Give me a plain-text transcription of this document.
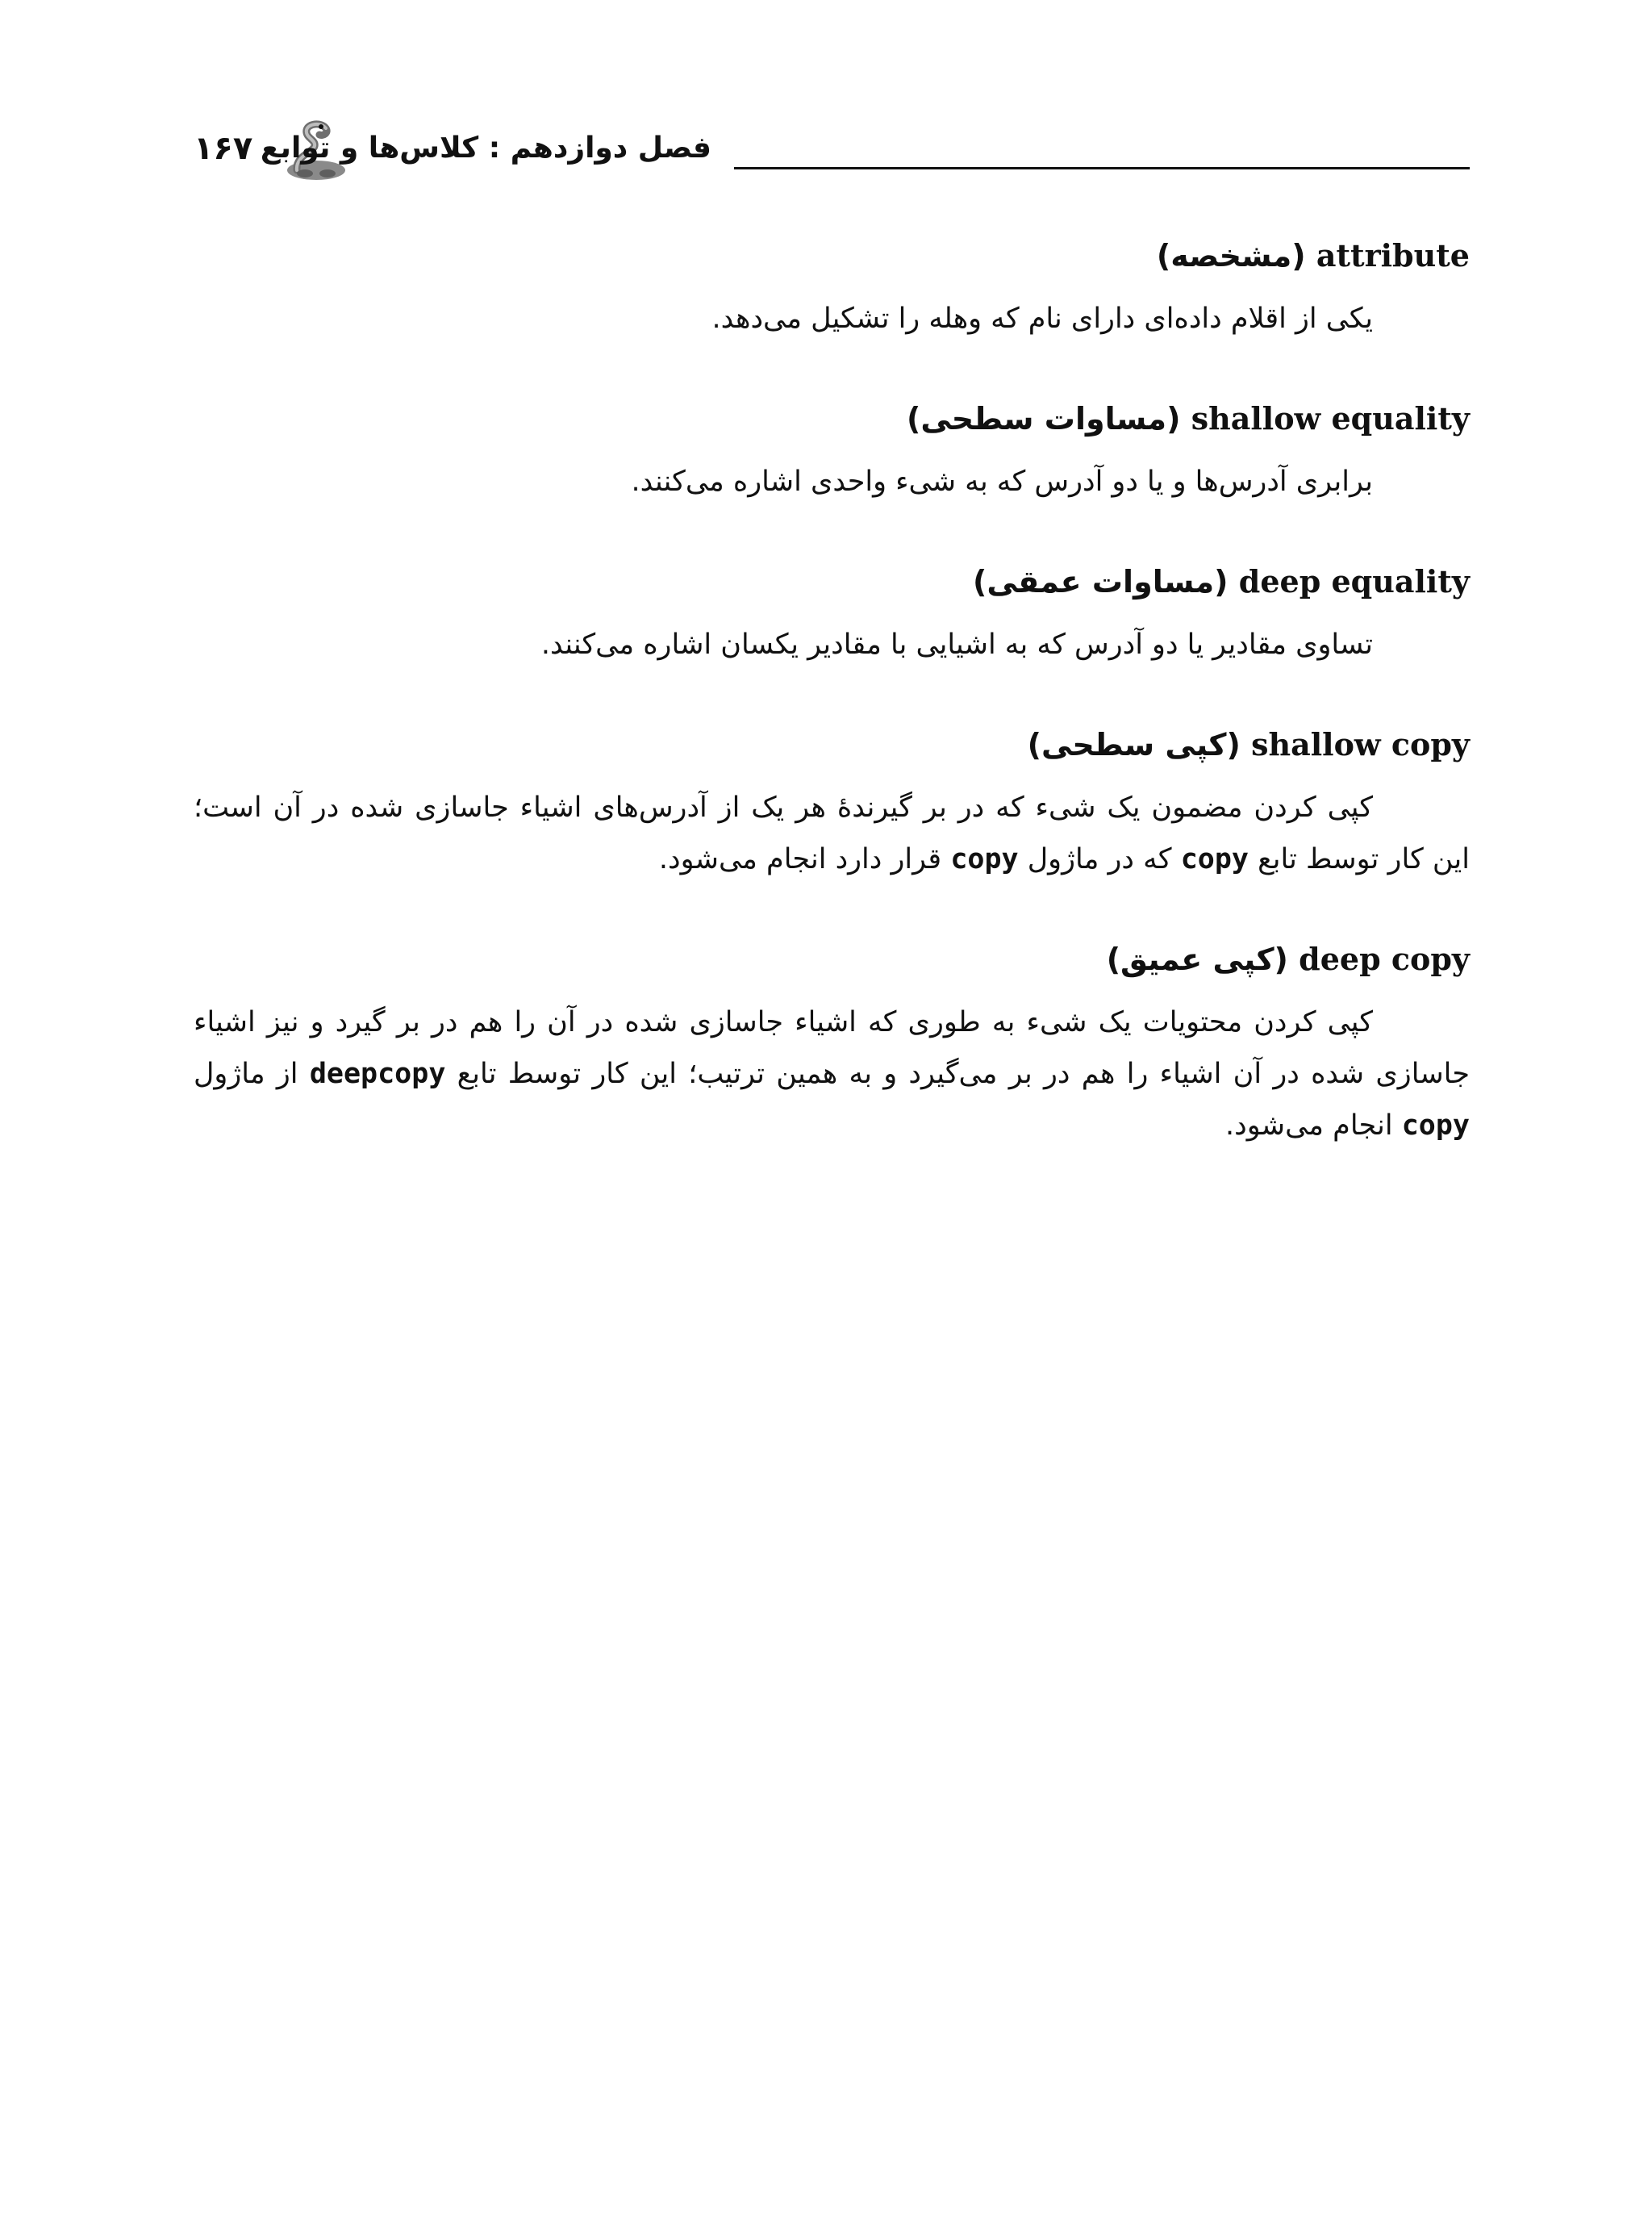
۱۶۷ فصل دوازدهم : کلاس‌ها و توابع
attribute (مشخصه)
یکی از اقلام داده‌ای دارای نام که وهله را تشکیل می‌دهد.
shallow equality (مساوات سطحی)
برابری آدرس‌ها و یا دو آدرس که به شیء واحدی اشاره می‌کنند.
deep equality (مساوات عمقی)
تساوی مقادیر یا دو آدرس که به اشیایی با مقادیر یکسان اشاره می‌کنند.
shallow copy (کپی سطحی)
کپی کردن مضمون یک شیء که در بر گیرندهٔ هر یک از آدرس‌های اشیاء جاسازی شده در آن است؛ این کار توسط تابع copy که در ماژول copy قرار دارد انجام می‌شود.
deep copy (کپی عمیق)
کپی کردن محتویات یک شیء به طوری که اشیاء جاسازی شده در آن را هم در بر گیرد و نیز اشیاء جاسازی شده در آن اشیاء را هم در بر می‌گیرد و به همین ترتیب؛ این کار توسط تابع deepcopy از ماژول copy انجام می‌شود.
